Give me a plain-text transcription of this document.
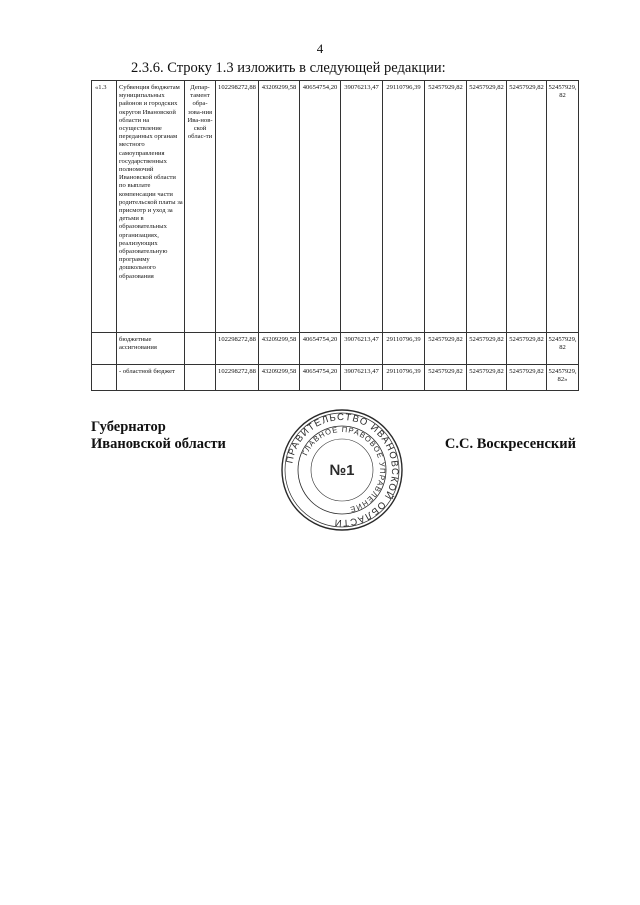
4
2.3.6. Строку 1.3 изложить в следующей редакции:
«1.3	Субвенция бюджетам муниципальных районов и городских округов Ивановской области на осуществление переданных органам местного самоуправления государственных полномочий Ивановской области по выплате компенсации части родительской платы за присмотр и уход за детьми в образовательных организациях, реализующих образовательную программу дошкольного образования	Депар-тамент обра-зова-ния Ива-нов-ской облас-ти	102298272,88	43209299,58	40654754,20	39076213,47	29110796,39	52457929,82	52457929,82	52457929,82	52457929,82
	бюджетные ассигнования		102298272,88	43209299,58	40654754,20	39076213,47	29110796,39	52457929,82	52457929,82	52457929,82	52457929,82
	- областной бюджет		102298272,88	43209299,58	40654754,20	39076213,47	29110796,39	52457929,82	52457929,82	52457929,82	52457929,82»
Губернатор
Ивановской области
ПРАВИТЕЛЬСТВО ИВАНОВСКОЙ ОБЛАСТИ
ГЛАВНОЕ ПРАВОВОЕ УПРАВЛЕНИЕ
№1
С.С. Воскресенский
